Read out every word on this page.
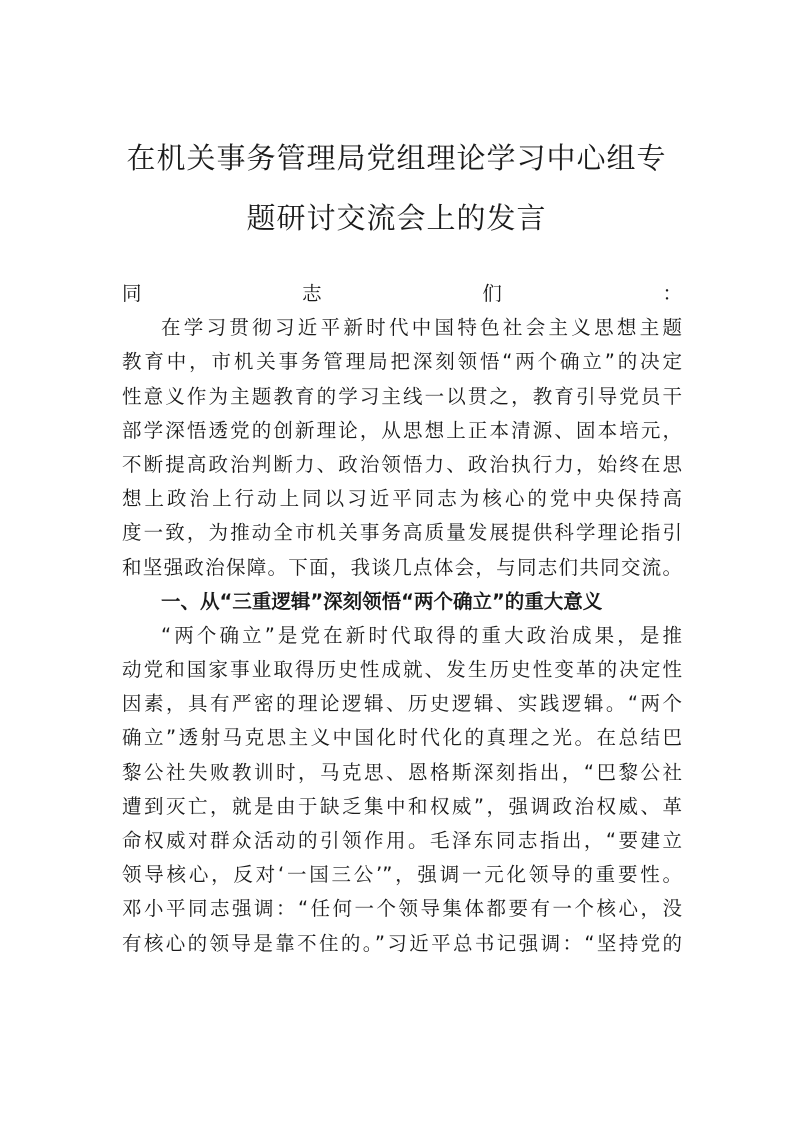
在机关事务管理局党组理论学习中心组专
题研讨交流会上的发言
同志们：
在学习贯彻习近平新时代中国特色社会主义思想主题
教育中，市机关事务管理局把深刻领悟“两个确立”的决定
性意义作为主题教育的学习主线一以贯之，教育引导党员干
部学深悟透党的创新理论，从思想上正本清源、固本培元，
不断提高政治判断力、政治领悟力、政治执行力，始终在思
想上政治上行动上同以习近平同志为核心的党中央保持高
度一致，为推动全市机关事务高质量发展提供科学理论指引
和坚强政治保障。下面，我谈几点体会，与同志们共同交流。
一、从“三重逻辑”深刻领悟“两个确立”的重大意义
“两个确立”是党在新时代取得的重大政治成果，是推
动党和国家事业取得历史性成就、发生历史性变革的决定性
因素，具有严密的理论逻辑、历史逻辑、实践逻辑。“两个
确立”透射马克思主义中国化时代化的真理之光。在总结巴
黎公社失败教训时，马克思、恩格斯深刻指出，“巴黎公社
遭到灭亡，就是由于缺乏集中和权威”，强调政治权威、革
命权威对群众活动的引领作用。毛泽东同志指出，“要建立
领导核心，反对‘一国三公’”，强调一元化领导的重要性。
邓小平同志强调：“任何一个领导集体都要有一个核心，没
有核心的领导是靠不住的。”习近平总书记强调：“坚持党的
